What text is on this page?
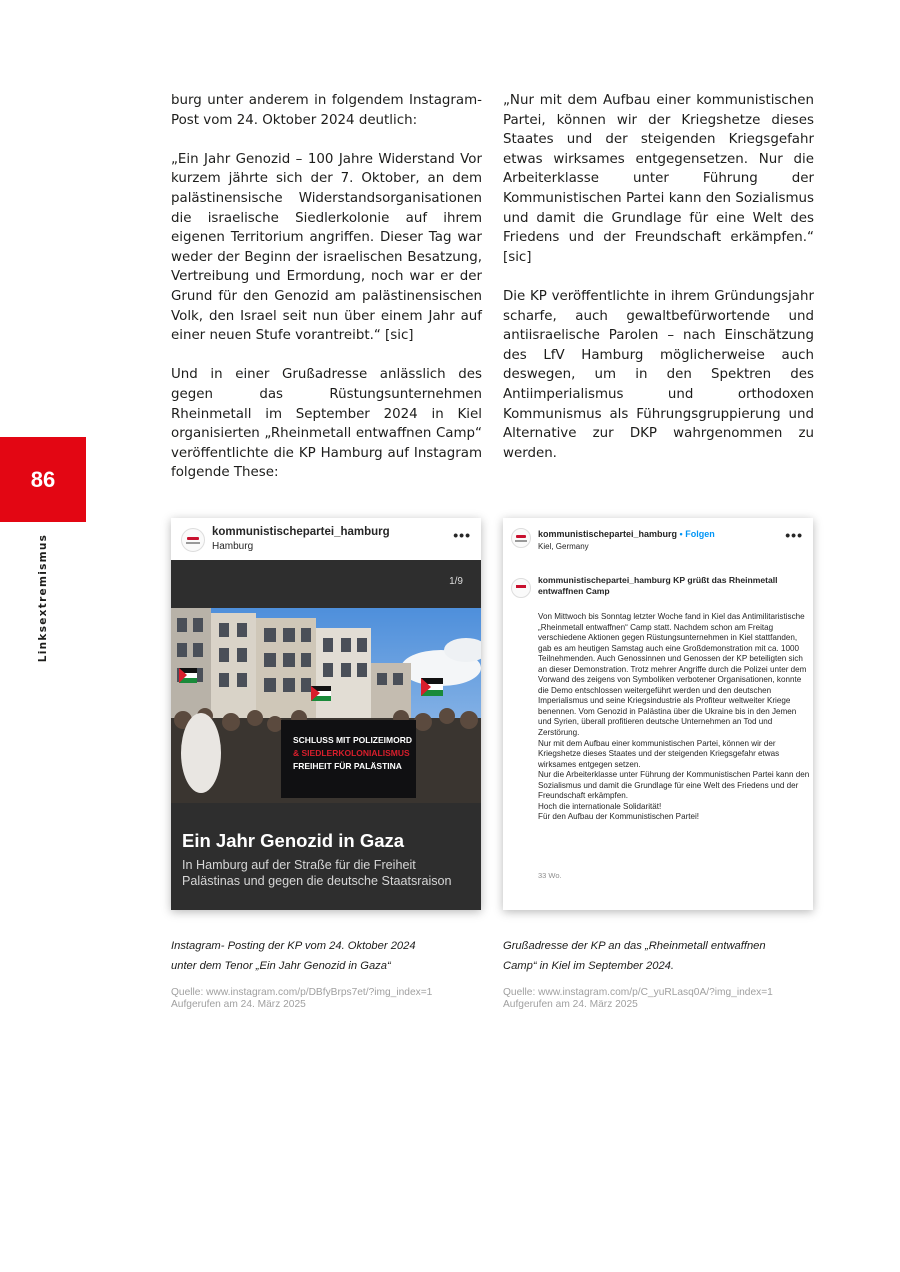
burg unter anderem in folgendem Instagram-Post vom 24. Oktober 2024 deutlich:

„Ein Jahr Genozid – 100 Jahre Widerstand Vor kurzem jährte sich der 7. Oktober, an dem palästinensische Widerstandsorganisationen die israelische Siedlerkolonie auf ihrem eigenen Territorium angriffen. Dieser Tag war weder der Beginn der israelischen Besatzung, Vertreibung und Ermordung, noch war er der Grund für den Genozid am palästinensischen Volk, den Israel seit nun über einem Jahr auf einer neuen Stufe vorantreibt.“ [sic]

Und in einer Grußadresse anlässlich des gegen das Rüstungsunternehmen Rheinmetall im September 2024 in Kiel organisierten „Rheinmetall entwaffnen Camp“ veröffentlichte die KP Hamburg auf Instagram folgende These:

„Nur mit dem Aufbau einer kommunistischen Partei, können wir der Kriegshetze dieses Staates und der steigenden Kriegsgefahr etwas wirksames entgegensetzen. Nur die Arbeiterklasse unter Führung der Kommunistischen Partei kann den Sozialismus und damit die Grundlage für eine Welt des Friedens und der Freundschaft erkämpfen.“ [sic]

Die KP veröffentlichte in ihrem Gründungsjahr scharfe, auch gewaltbefürwortende und antiisraelische Parolen – nach Einschätzung des LfV Hamburg möglicherweise auch deswegen, um in den Spektren des Antiimperialismus und orthodoxen Kommunismus als Führungsgruppierung und Alternative zur DKP wahrgenommen zu werden.

86
Linksextremismus
kommunistischepartei_hamburg
Hamburg
•••
1/9
SCHLUSS MIT POLIZEIMORD
& SIEDLERKOLONIALISMUS
FREIHEIT FÜR PALÄSTINA
Ein Jahr Genozid in Gaza
In Hamburg auf der Straße für die Freiheit Palästinas und gegen die deutsche Staatsraison
kommunistischepartei_hamburg • Folgen
Kiel, Germany
•••
kommunistischepartei_hamburg KP grüßt das Rheinmetall entwaffnen Camp

Von Mittwoch bis Sonntag letzter Woche fand in Kiel das Antimilitaristische „Rheinmetall entwaffnen“ Camp statt. Nachdem schon am Freitag verschiedene Aktionen gegen Rüstungsunternehmen in Kiel stattfanden, gab es am heutigen Samstag auch eine Großdemonstration mit ca. 1000 Teilnehmenden. Auch Genossinnen und Genossen der KP beteiligten sich an dieser Demonstration. Trotz mehrer Angriffe durch die Polizei unter dem Vorwand des zeigens von Symboliken verbotener Organisationen, konnte die Demo entschlossen weitergeführt werden und den deutschen Imperialismus und seine Kriegsindustrie als Profiteur weltweiter Kriege benennen. Vom Genozid in Palästina über die Ukraine bis in den Jemen und Syrien, überall profitieren deutsche Unternehmen an Tod und Zerstörung.

Nur mit dem Aufbau einer kommunistischen Partei, können wir der Kriegshetze dieses Staates und der steigenden Kriegsgefahr etwas wirksames entgegen setzen.

Nur die Arbeiterklasse unter Führung der Kommunistischen Partei kann den Sozialismus und damit die Grundlage für eine Welt des Friedens und der Freundschaft erkämpfen.

Hoch die internationale Solidarität!

Für den Aufbau der Kommunistischen Partei!

33 Wo.
Instagram- Posting der KP vom 24. Oktober 2024
unter dem Tenor „Ein Jahr Genozid in Gaza“
Quelle: www.instagram.com/p/DBfyBrps7et/?img_index=1
Aufgerufen am 24. März 2025
Grußadresse der KP an das „Rheinmetall entwaffnen
Camp“ in Kiel im September 2024.
Quelle: www.instagram.com/p/C_yuRLasq0A/?img_index=1
Aufgerufen am 24. März 2025
